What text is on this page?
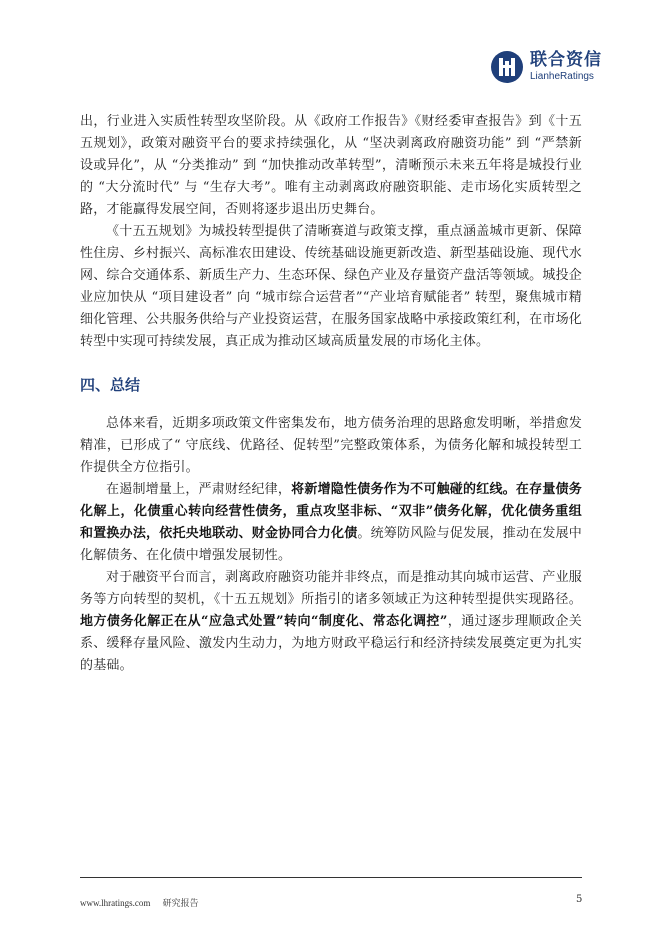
联合资信
LianheRatings

出，行业进入实质性转型攻坚阶段。从《政府工作报告》《财经委审查报告》到《十五五规划》，政策对融资平台的要求持续强化，从 “坚决剥离政府融资功能” 到 “严禁新设或异化”，从 “分类推动” 到 “加快推动改革转型”，清晰预示未来五年将是城投行业的 “大分流时代” 与 “生存大考”。唯有主动剥离政府融资职能、走市场化实质转型之路，才能赢得发展空间，否则将逐步退出历史舞台。

《十五五规划》为城投转型提供了清晰赛道与政策支撑，重点涵盖城市更新、保障性住房、乡村振兴、高标准农田建设、传统基础设施更新改造、新型基础设施、现代水网、综合交通体系、新质生产力、生态环保、绿色产业及存量资产盘活等领域。城投企业应加快从 “项目建设者” 向 “城市综合运营者”“产业培育赋能者” 转型，聚焦城市精细化管理、公共服务供给与产业投资运营，在服务国家战略中承接政策红利，在市场化转型中实现可持续发展，真正成为推动区域高质量发展的市场化主体。

四、总结

总体来看，近期多项政策文件密集发布，地方债务治理的思路愈发明晰，举措愈发精准，已形成了“ 守底线、优路径、促转型”完整政策体系，为债务化解和城投转型工作提供全方位指引。

在遏制增量上，严肃财经纪律，将新增隐性债务作为不可触碰的红线。在存量债务化解上，化债重心转向经营性债务，重点攻坚非标、“双非”债务化解，优化债务重组和置换办法，依托央地联动、财金协同合力化债。统筹防风险与促发展，推动在发展中化解债务、在化债中增强发展韧性。

对于融资平台而言，剥离政府融资功能并非终点，而是推动其向城市运营、产业服务等方向转型的契机，《十五五规划》所指引的诸多领域正为这种转型提供实现路径。地方债务化解正在从“应急式处置”转向“制度化、常态化调控”，通过逐步理顺政企关系、缓释存量风险、激发内生动力，为地方财政平稳运行和经济持续发展奠定更为扎实的基础。

www.lhratings.com 研究报告	5
